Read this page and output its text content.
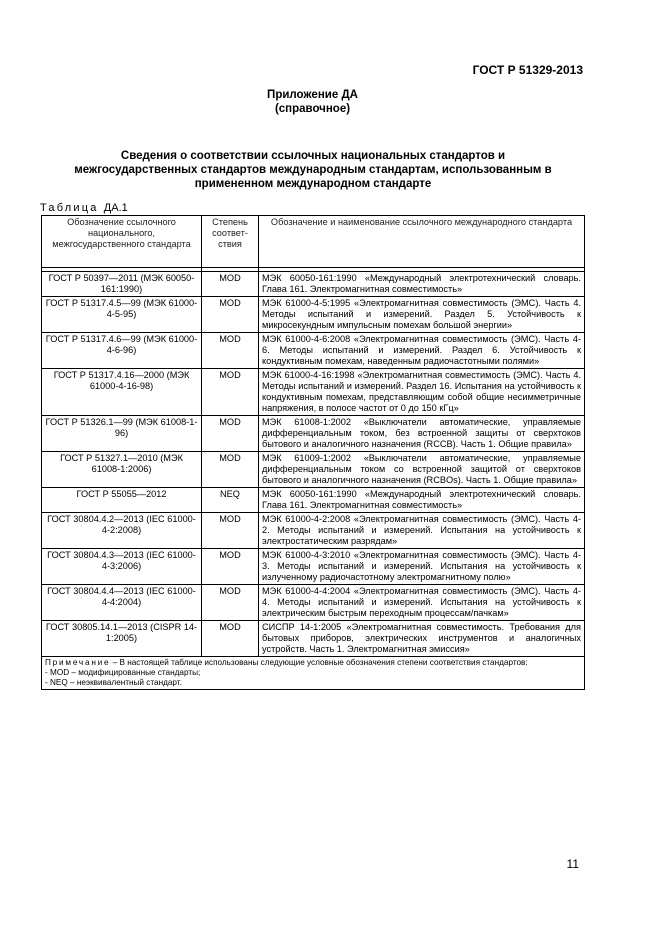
ГОСТ Р 51329-2013
Приложение ДА
(справочное)
Сведения о соответствии ссылочных национальных стандартов и межгосударственных стандартов международным стандартам, использованным в примененном международном стандарте
Таблица ДА.1
Обозначение ссылочного национального, межгосударственного стандарта	Степень соответ-ствия	Обозначение и наименование ссылочного международного стандарта

ГОСТ Р 50397—2011 (МЭК 60050-161:1990)	MOD	МЭК 60050-161:1990 «Международный электротехнический словарь. Глава 161. Электромагнитная совместимость»
ГОСТ Р 51317.4.5—99 (МЭК 61000-4-5-95)	MOD	МЭК 61000-4-5:1995 «Электромагнитная совместимость (ЭМС). Часть 4. Методы испытаний и измерений. Раздел 5. Устойчивость к микросекундным импульсным помехам большой энергии»
ГОСТ Р 51317.4.6—99 (МЭК 61000-4-6-96)	MOD	МЭК 61000-4-6:2008 «Электромагнитная совместимость (ЭМС). Часть 4-6. Методы испытаний и измерений. Раздел 6. Устойчивость к кондуктивным помехам, наведенным радиочастотными полями»
ГОСТ Р 51317.4.16—2000 (МЭК 61000-4-16-98)	MOD	МЭК 61000-4-16:1998 «Электромагнитная совместимость (ЭМС). Часть 4. Методы испытаний и измерений. Раздел 16. Испытания на устойчивость к кондуктивным помехам, представляющим собой общие несимметричные напряжения, в полосе частот от 0 до 150 кГц»
ГОСТ Р 51326.1—99 (МЭК 61008-1-96)	MOD	МЭК 61008-1:2002 «Выключатели автоматические, управляемые дифференциальным током, без встроенной защиты от сверхтоков бытового и аналогичного назначения (RCCB). Часть 1. Общие правила»
ГОСТ Р 51327.1—2010 (МЭК 61008-1:2006)	MOD	МЭК 61009-1:2002 «Выключатели автоматические, управляемые дифференциальным током со встроенной защитой от сверхтоков бытового и аналогичного назначения (RCBOs). Часть 1. Общие правила»
ГОСТ Р 55055—2012	NEQ	МЭК 60050-161:1990 «Международный электротехнический словарь. Глава 161. Электромагнитная совместимость»
ГОСТ 30804.4.2—2013 (IEC 61000-4-2:2008)	MOD	МЭК 61000-4-2:2008 «Электромагнитная совместимость (ЭМС). Часть 4-2. Методы испытаний и измерений. Испытания на устойчивость к электростатическим разрядам»
ГОСТ 30804.4.3—2013 (IEC 61000-4-3:2006)	MOD	МЭК 61000-4-3:2010 «Электромагнитная совместимость (ЭМС). Часть 4-3. Методы испытаний и измерений. Испытания на устойчивость к излученному радиочастотному электромагнитному полю»
ГОСТ 30804.4.4—2013 (IEC 61000-4-4:2004)	MOD	МЭК 61000-4-4:2004 «Электромагнитная совместимость (ЭМС). Часть 4-4. Методы испытаний и измерений. Испытания на устойчивость к электрическим быстрым переходным процессам/пачкам»
ГОСТ 30805.14.1—2013 (CISPR 14-1:2005)	MOD	СИСПР 14-1:2005 «Электромагнитная совместимость. Требования для бытовых приборов, электрических инструментов и аналогичных устройств. Часть 1. Электромагнитная эмиссия»
Примечание – В настоящей таблице использованы следующие условные обозначения степени соответствия стандартов:
- MOD – модифицированные стандарты;
- NEQ – неэквивалентный стандарт.		
11
